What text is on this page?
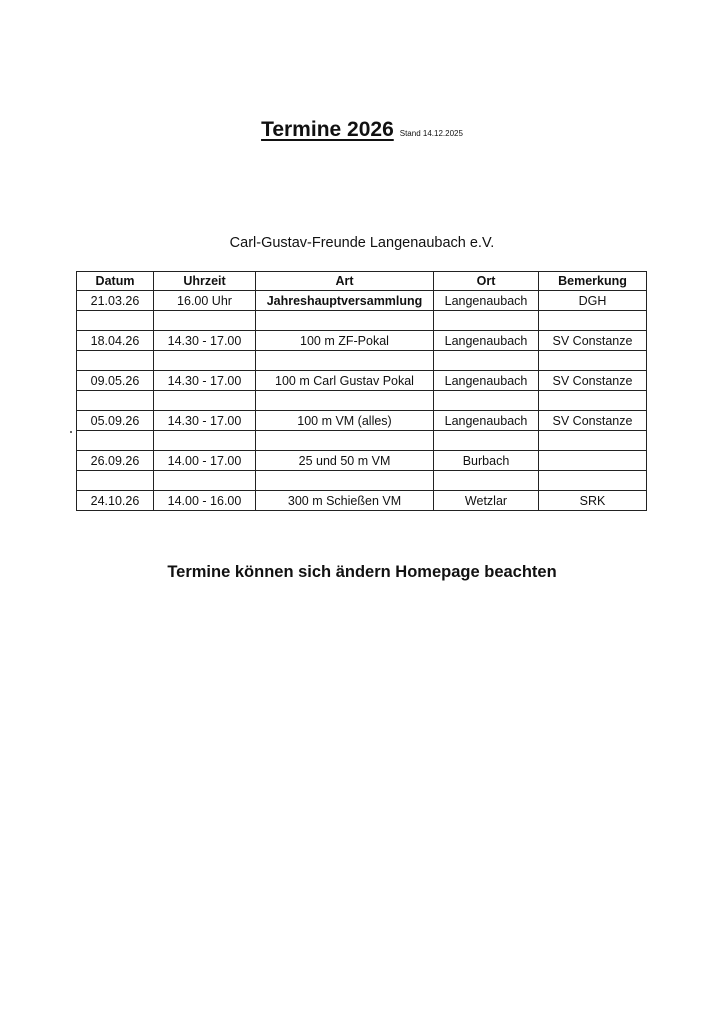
Termine 2026 Stand 14.12.2025
Carl-Gustav-Freunde Langenaubach e.V.
Datum	Uhrzeit	Art	Ort	Bemerkung
21.03.26	16.00 Uhr	Jahreshauptversammlung	Langenaubach	DGH

18.04.26	14.30 - 17.00	100 m ZF-Pokal	Langenaubach	SV Constanze

09.05.26	14.30 - 17.00	100 m Carl Gustav Pokal	Langenaubach	SV Constanze

05.09.26	14.30 - 17.00	100 m VM (alles)	Langenaubach	SV Constanze

26.09.26	14.00 - 17.00	25 und 50 m VM	Burbach	

24.10.26	14.00 - 16.00	300 m Schießen VM	Wetzlar	SRK
Termine können sich ändern Homepage beachten
